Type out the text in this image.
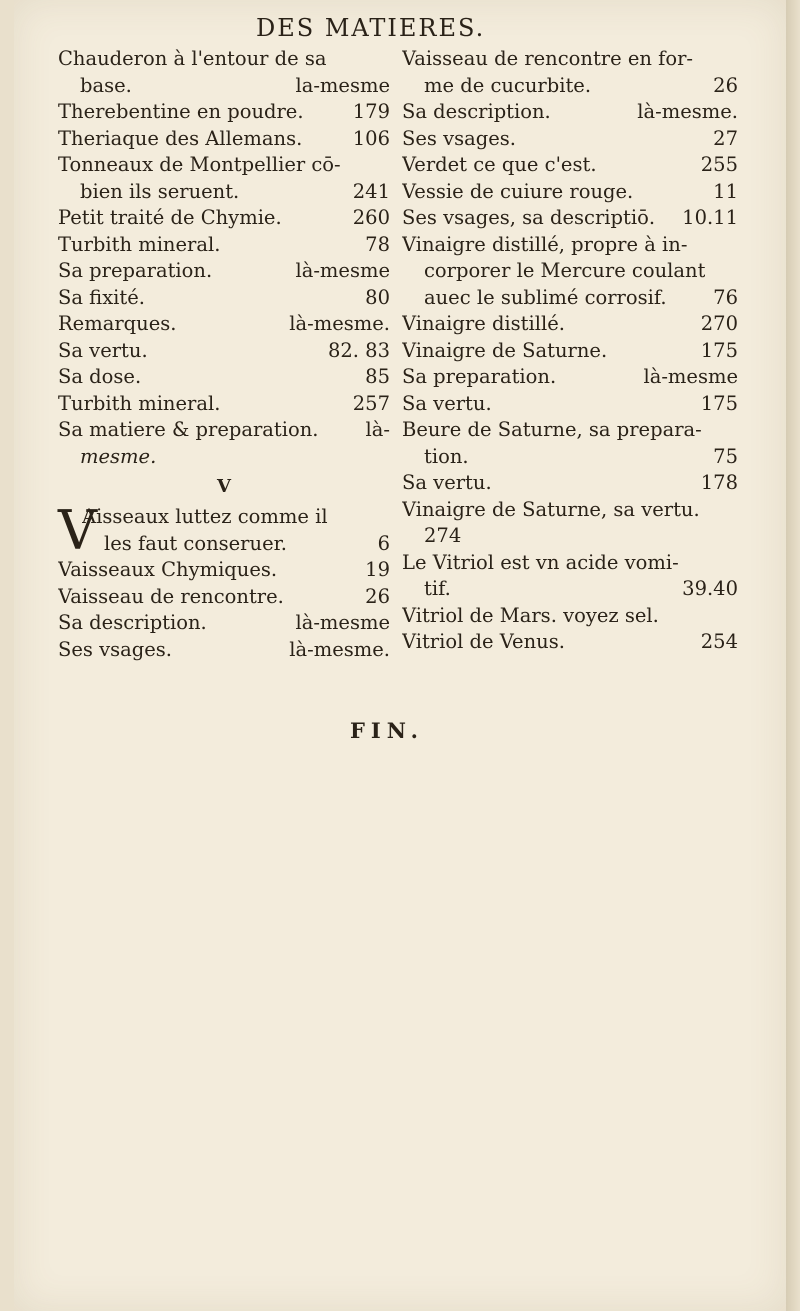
DES MATIERES.
Chauderon à l'entour de sa
base.	la-mesme
Therebentine en poudre.	179
Theriaque des Allemans.	106
Tonneaux de Montpellier cō-
bien ils seruent.	241
Petit traité de Chymie.	260
Turbith mineral.	78
Sa preparation.	là-mesme
Sa fixité.	80
Remarques.	là-mesme.
Sa vertu.	82. 83
Sa dose.	85
Turbith mineral.	257
Sa matiere & preparation. là-
mesme.
V
V
Aisseaux luttez comme il
les faut conseruer.	6
Vaisseaux Chymiques.	19
Vaisseau de rencontre.	26
Sa description.	là-mesme
Ses vsages.	là-mesme.
Vaisseau de rencontre en for-
me de cucurbite.	26
Sa description.	là-mesme.
Ses vsages.	27
Verdet ce que c'est.	255
Vessie de cuiure rouge.	11
Ses vsages, sa descriptiō. 10.11
Vinaigre distillé, propre à in-
corporer le Mercure coulant
auec le sublimé corrosif. 76
Vinaigre distillé.	270
Vinaigre de Saturne.	175
Sa preparation.	là-mesme
Sa vertu.	175
Beure de Saturne, sa prepara-
tion.	75
Sa vertu.	178
Vinaigre de Saturne, sa vertu.
274
Le Vitriol est vn acide vomi-
tif.	39.40
Vitriol de Mars. voyez sel.
Vitriol de Venus.	254
FIN.
